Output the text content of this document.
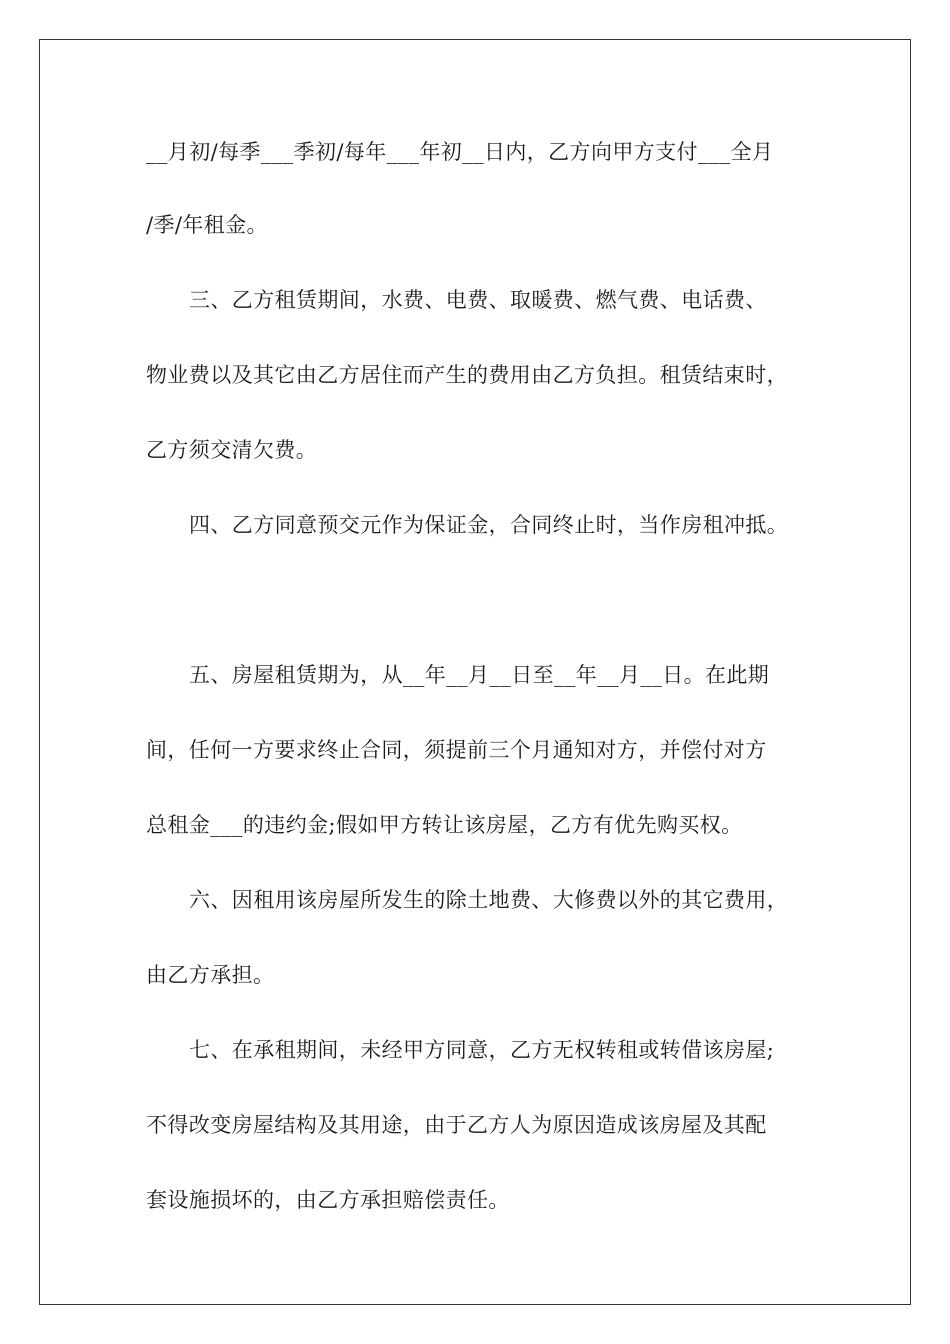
__月初/每季___季初/每年___年初__日内，乙方向甲方支付___全月
/季/年租金。
三、乙方租赁期间，水费、电费、取暖费、燃气费、电话费、
物业费以及其它由乙方居住而产生的费用由乙方负担。租赁结束时，
乙方须交清欠费。
四、乙方同意预交元作为保证金，合同终止时，当作房租冲抵。
五、房屋租赁期为，从__年__月__日至__年__月__日。在此期
间，任何一方要求终止合同，须提前三个月通知对方，并偿付对方
总租金___的违约金;假如甲方转让该房屋，乙方有优先购买权。
六、因租用该房屋所发生的除土地费、大修费以外的其它费用，
由乙方承担。
七、在承租期间，未经甲方同意，乙方无权转租或转借该房屋;
不得改变房屋结构及其用途，由于乙方人为原因造成该房屋及其配
套设施损坏的，由乙方承担赔偿责任。
